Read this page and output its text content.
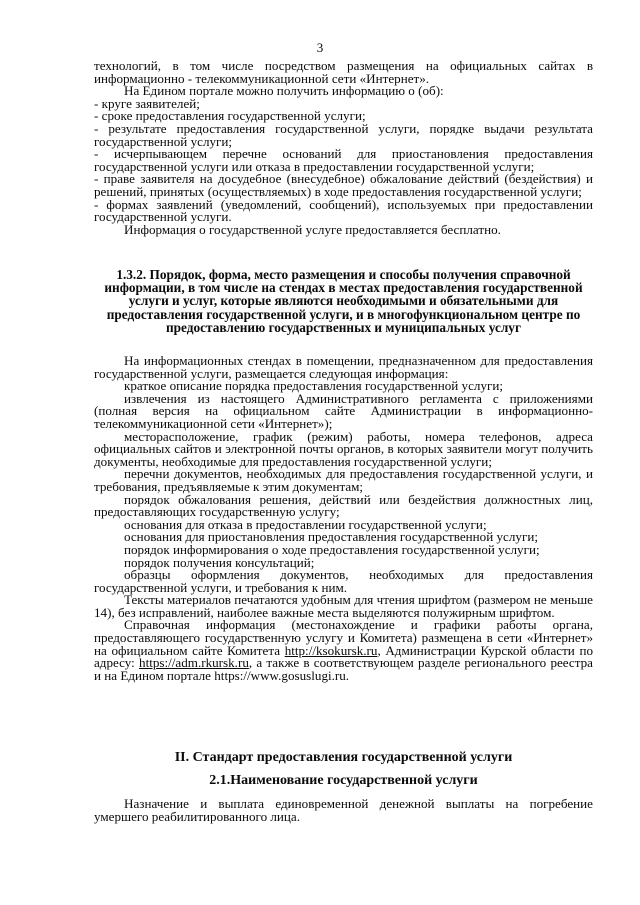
3

технологий, в том числе посредством размещения на официальных сайтах в информационно - телекоммуникационной сети «Интернет».

На Едином портале можно получить информацию о (об):

- круге заявителей;

- сроке предоставления государственной услуги;

- результате предоставления государственной услуги, порядке выдачи результата государственной услуги;

- исчерпывающем перечне оснований для приостановления предоставления государственной услуги или отказа в предоставлении государственной услуги;

- праве заявителя на досудебное (внесудебное) обжалование действий (бездействия) и решений, принятых (осуществляемых) в ходе предоставления государственной услуги;

- формах заявлений (уведомлений, сообщений), используемых при предоставлении государственной услуги.

Информация о государственной услуге предоставляется бесплатно.

1.3.2. Порядок, форма, место размещения и способы получения справочной информации, в том числе на стендах в местах предоставления государственной услуги и услуг, которые являются необходимыми и обязательными для предоставления государственной услуги, и в многофункциональном центре по предоставлению государственных и муниципальных услуг

На информационных стендах в помещении, предназначенном для предоставления государственной услуги, размещается следующая информация:

краткое описание порядка предоставления государственной услуги;

извлечения из настоящего Административного регламента с приложениями (полная версия на официальном сайте Администрации в информационно-телекоммуникационной сети «Интернет»);

месторасположение, график (режим) работы, номера телефонов, адреса официальных сайтов и электронной почты органов, в которых заявители могут получить документы, необходимые для предоставления государственной услуги;

перечни документов, необходимых для предоставления государственной услуги, и требования, предъявляемые к этим документам;

порядок обжалования решения, действий или бездействия должностных лиц, предоставляющих государственную услугу;

основания для отказа в предоставлении государственной услуги;

основания для приостановления предоставления государственной услуги;

порядок информирования о ходе предоставления государственной услуги;

порядок получения консультаций;

образцы оформления документов, необходимых для предоставления государственной услуги, и требования к ним.

Тексты материалов печатаются удобным для чтения шрифтом (размером не меньше 14), без исправлений, наиболее важные места выделяются полужирным шрифтом.

Справочная информация (местонахождение и графики работы органа, предоставляющего государственную услугу и Комитета) размещена в сети «Интернет» на официальном сайте Комитета http://ksokursk.ru, Администрации Курской области по адресу: https://adm.rkursk.ru, а также в соответствующем разделе регионального реестра и на Едином портале https://www.gosuslugi.ru.

II. Стандарт предоставления государственной услуги

2.1.Наименование государственной услуги

Назначение и выплата единовременной денежной выплаты на погребение умершего реабилитированного лица.
